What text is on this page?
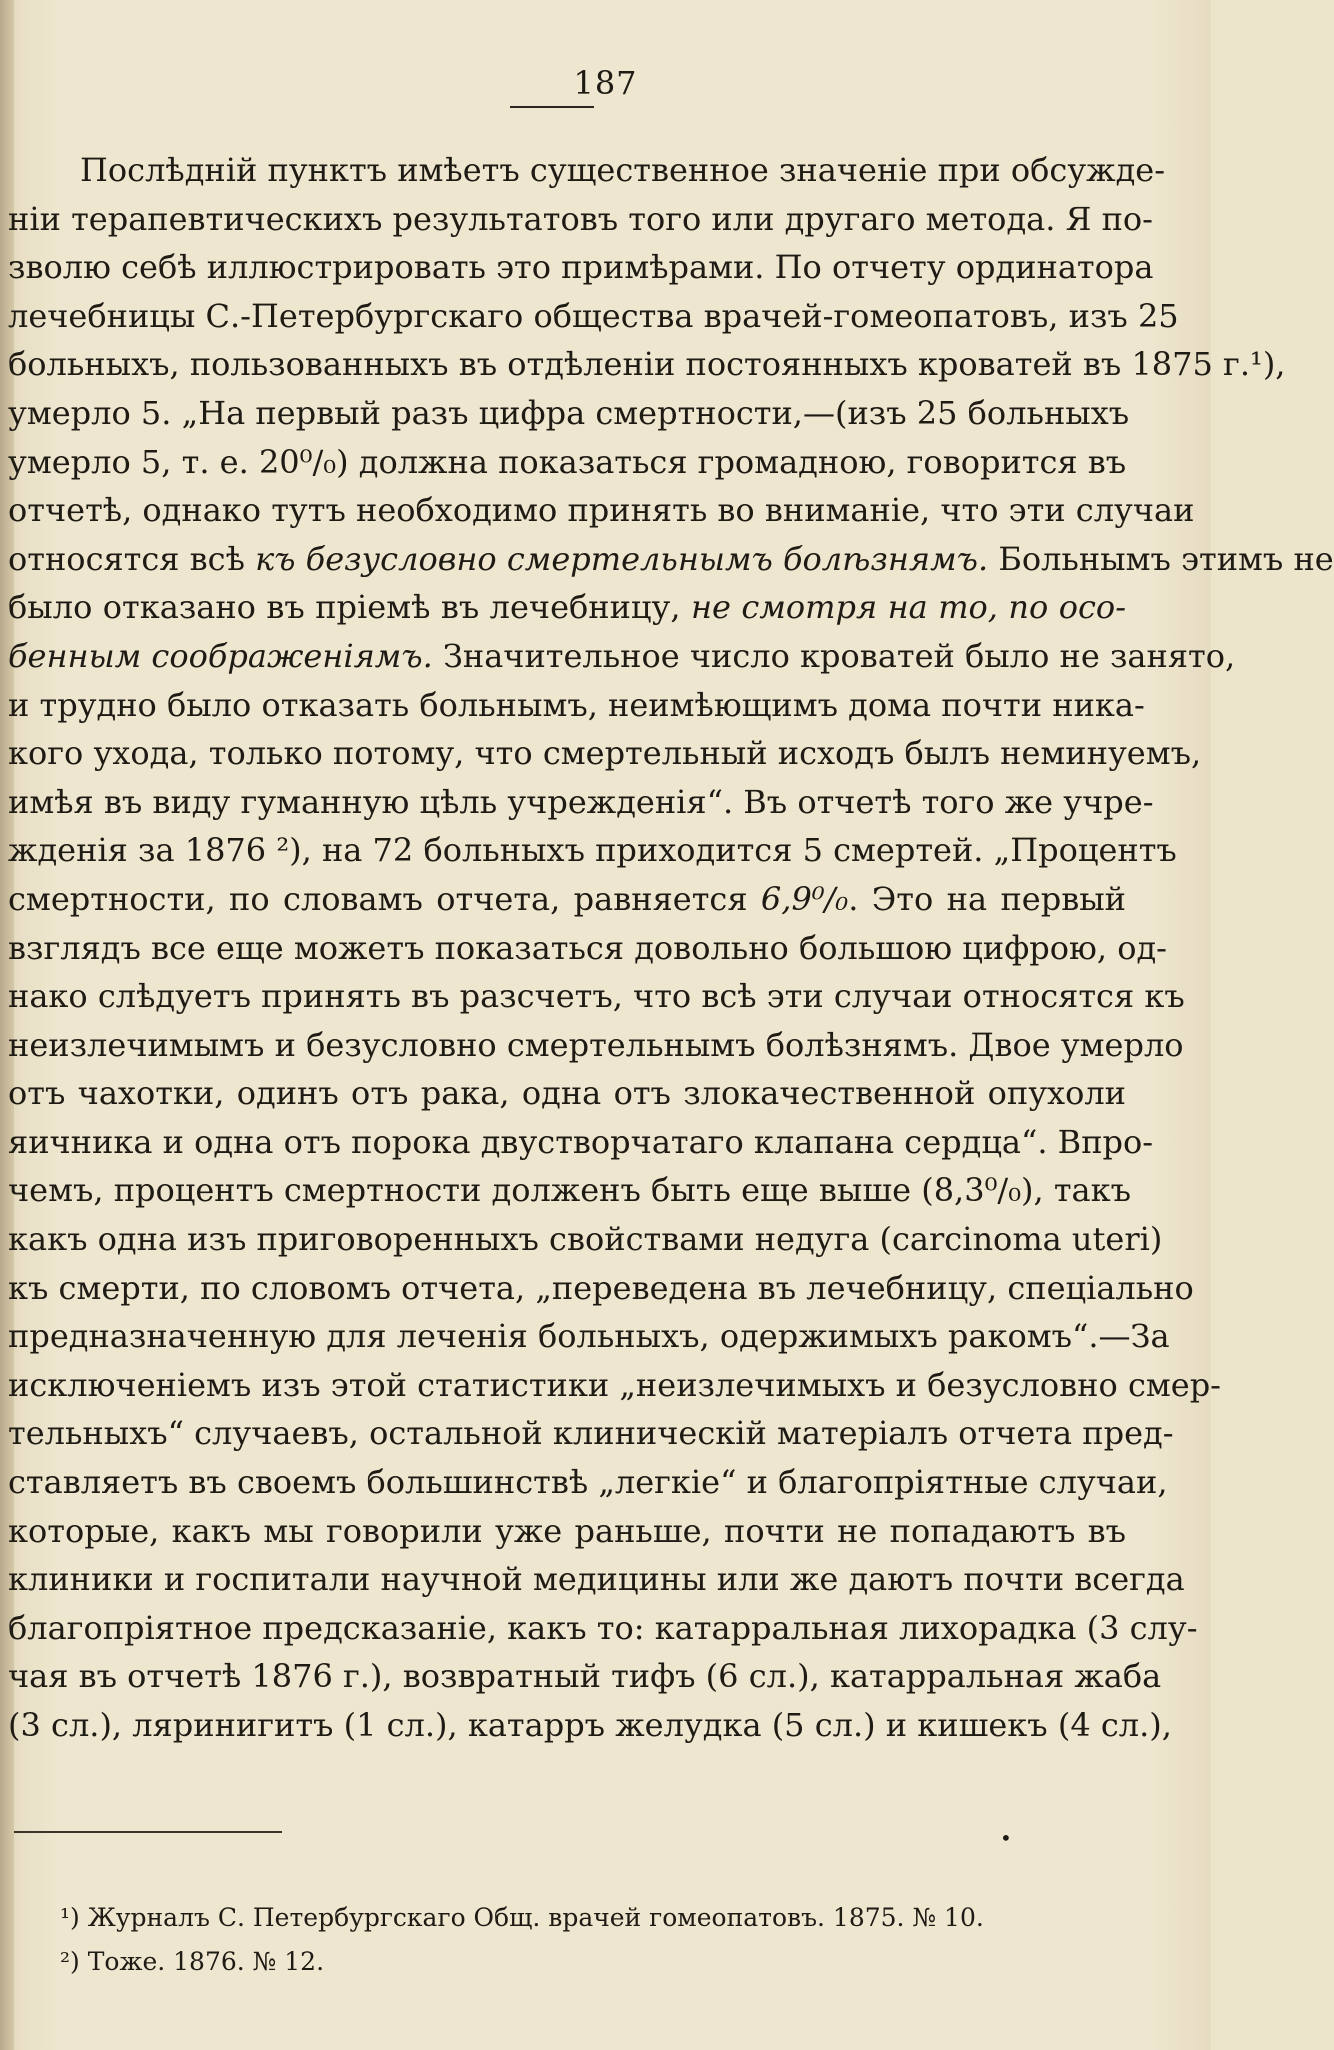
187
Послѣднiй пунктъ имѣетъ существенное значенiе при обсужде-
нiи терапевтическихъ результатовъ того или другаго метода. Я по-
зволю себѣ иллюстрировать это примѣрами. По отчету ординатора
лечебницы С.-Петербургскаго общества врачей-гомеопатовъ, изъ 25
больныхъ, пользованныхъ въ отдѣленiи постоянныхъ кроватей въ 1875 г.¹),
умерло 5. „На первый разъ цифра смертности,—(изъ 25 больныхъ
умерло 5, т. е. 20⁰/₀) должна показаться громадною, говорится въ
отчетѣ, однако тутъ необходимо принять во вниманiе, что эти случаи
относятся всѣ къ безусловно смертельнымъ болѣзнямъ. Больнымъ этимъ не
было отказано въ прiемѣ въ лечебницу, не смотря на то, по осо-
бенным соображенiямъ. Значительное число кроватей было не занято,
и трудно было отказать больнымъ, неимѣющимъ дома почти ника-
кого ухода, только потому, что смертельный исходъ былъ неминуемъ,
имѣя въ виду гуманную цѣль учрежденiя“. Въ отчетѣ того же учре-
жденiя за 1876 ²), на 72 больныхъ приходится 5 смертей. „Процентъ
смертности, по словамъ отчета, равняется 6,9⁰/₀. Это на первый
взглядъ все еще можетъ показаться довольно большою цифрою, од-
нако слѣдуетъ принять въ разсчетъ, что всѣ эти случаи относятся къ
неизлечимымъ и безусловно смертельнымъ болѣзнямъ. Двое умерло
отъ чахотки, одинъ отъ рака, одна отъ злокачественной опухоли
яичника и одна отъ порока двустворчатаго клапана сердца“. Впро-
чемъ, процентъ смертности долженъ быть еще выше (8,3⁰/₀), такъ
какъ одна изъ приговоренныхъ свойствами недуга (carcinoma uteri)
къ смерти, по словомъ отчета, „переведена въ лечебницу, спецiально
предназначенную для леченiя больныхъ, одержимыхъ ракомъ“.—За
исключенiемъ изъ этой статистики „неизлечимыхъ и безусловно смер-
тельныхъ“ случаевъ, остальной клиническiй матерiалъ отчета пред-
ставляетъ въ своемъ большинствѣ „легкiе“ и благопрiятные случаи,
которые, какъ мы говорили уже раньше, почти не попадаютъ въ
клиники и госпитали научной медицины или же даютъ почти всегда
благопрiятное предсказанiе, какъ то: катарральная лихорадка (3 слу-
чая въ отчетѣ 1876 г.), возвратный тифъ (6 сл.), катарральная жаба
(3 сл.), ляринигитъ (1 сл.), катарръ желудка (5 сл.) и кишекъ (4 сл.),
•
¹) Журналъ С. Петербургскаго Общ. врачей гомеопатовъ. 1875. № 10.
²) Тоже. 1876. № 12.
